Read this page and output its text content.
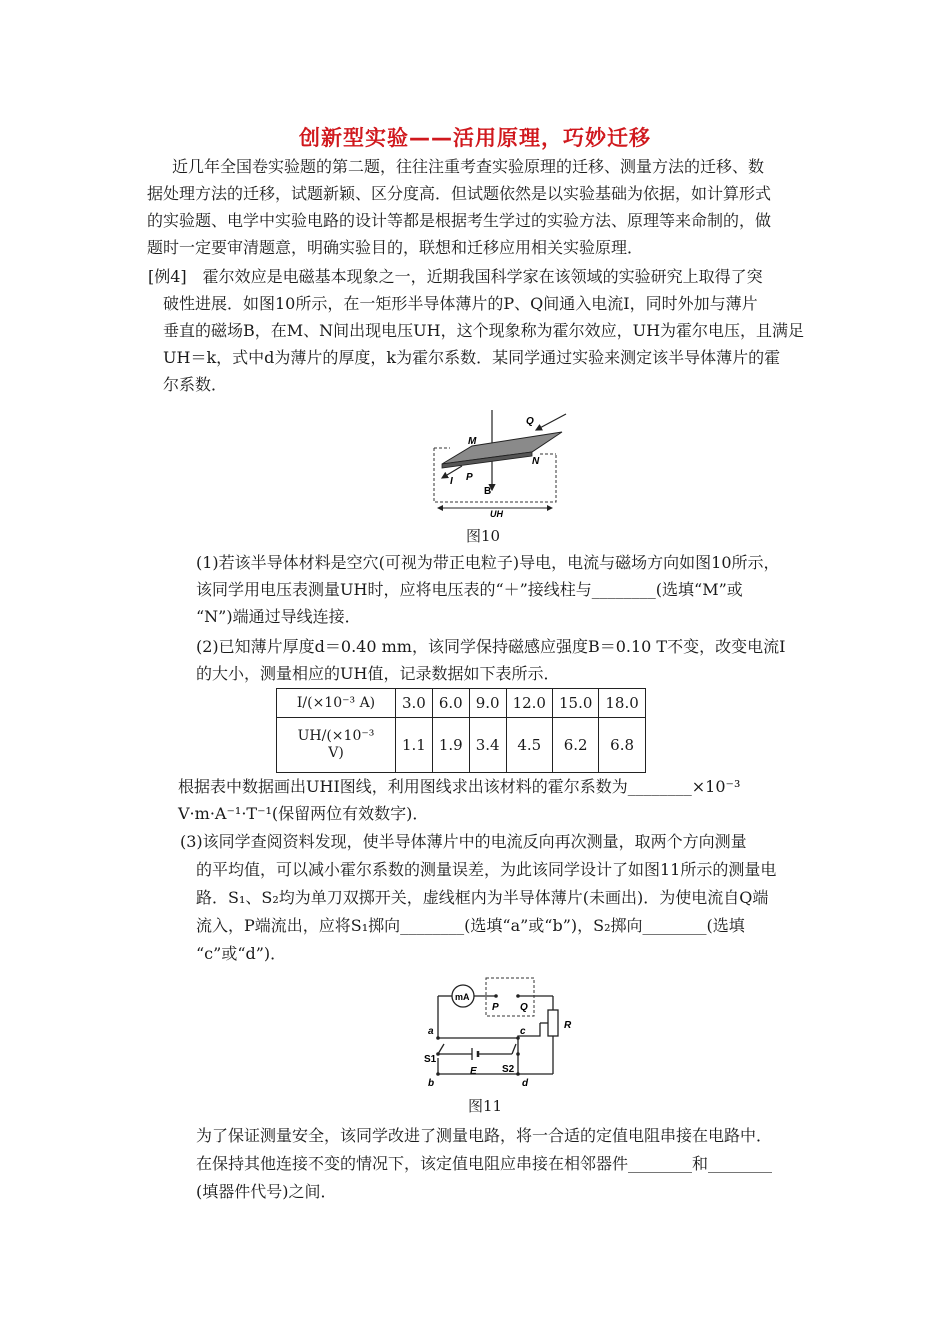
创新型实验——活用原理，巧妙迁移
近几年全国卷实验题的第二题，往往注重考查实验原理的迁移、测量方法的迁移、数
据处理方法的迁移，试题新颖、区分度高．但试题依然是以实验基础为依据，如计算形式
的实验题、电学中实验电路的设计等都是根据考生学过的实验方法、原理等来命制的，做
题时一定要审清题意，明确实验目的，联想和迁移应用相关实验原理．
[例4]　霍尔效应是电磁基本现象之一，近期我国科学家在该领域的实验研究上取得了突
破性进展．如图10所示，在一矩形半导体薄片的P、Q间通入电流I，同时外加与薄片
垂直的磁场B，在M、N间出现电压UH，这个现象称为霍尔效应，UH为霍尔电压，且满足
UH＝k，式中d为薄片的厚度，k为霍尔系数．某同学通过实验来测定该半导体薄片的霍
尔系数．
M
N
P
Q
I
B
UH
图10
(1)若该半导体材料是空穴(可视为带正电粒子)导电，电流与磁场方向如图10所示，
该同学用电压表测量UH时，应将电压表的“＋”接线柱与________(选填“M”或
“N”)端通过导线连接．
(2)已知薄片厚度d＝0.40 mm，该同学保持磁感应强度B＝0.10 T不变，改变电流I
的大小，测量相应的UH值，记录数据如下表所示．
I/(×10⁻³ A)	3.0	6.0	9.0	12.0	15.0	18.0

UH/(×10⁻³
V)	1.1	1.9	3.4	4.5	6.2	6.8
根据表中数据画出UHI图线，利用图线求出该材料的霍尔系数为________×10⁻³
V·m·A⁻¹·T⁻¹(保留两位有效数字)．
(3)该同学查阅资料发现，使半导体薄片中的电流反向再次测量，取两个方向测量
的平均值，可以减小霍尔系数的测量误差，为此该同学设计了如图11所示的测量电
路．S₁、S₂均为单刀双掷开关，虚线框内为半导体薄片(未画出)．为使电流自Q端
流入，P端流出，应将S₁掷向________(选填“a”或“b”)，S₂掷向________(选填
“c”或“d”)．
mA
P Q
R
a	c
E
S1
S2
b	d
图11
为了保证测量安全，该同学改进了测量电路，将一合适的定值电阻串接在电路中．
在保持其他连接不变的情况下，该定值电阻应串接在相邻器件________和________
(填器件代号)之间．
